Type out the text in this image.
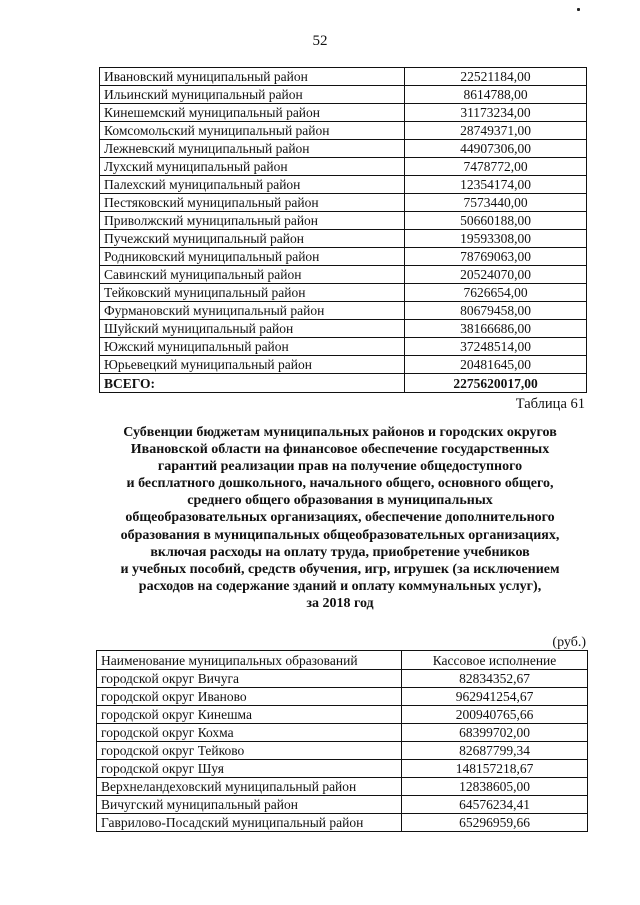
52
Ивановский муниципальный район	22521184,00
Ильинский муниципальный район	8614788,00
Кинешемский муниципальный район	31173234,00
Комсомольский муниципальный район	28749371,00
Лежневский муниципальный район	44907306,00
Лухский муниципальный район	7478772,00
Палехский муниципальный район	12354174,00
Пестяковский муниципальный район	7573440,00
Приволжский муниципальный район	50660188,00
Пучежский муниципальный район	19593308,00
Родниковский муниципальный район	78769063,00
Савинский муниципальный район	20524070,00
Тейковский муниципальный район	7626654,00
Фурмановский муниципальный район	80679458,00
Шуйский муниципальный район	38166686,00
Южский муниципальный район	37248514,00
Юрьевецкий муниципальный район	20481645,00
ВСЕГО:	2275620017,00
Таблица 61
Субвенции бюджетам муниципальных районов и городских округов
Ивановской области на финансовое обеспечение государственных
гарантий реализации прав на получение общедоступного
и бесплатного дошкольного, начального общего, основного общего,
среднего общего образования в муниципальных
общеобразовательных организациях, обеспечение дополнительного
образования в муниципальных общеобразовательных организациях,
включая расходы на оплату труда, приобретение учебников
и учебных пособий, средств обучения, игр, игрушек (за исключением
расходов на содержание зданий и оплату коммунальных услуг),
за 2018 год
(руб.)
Наименование муниципальных образований	Кассовое исполнение
городской округ Вичуга	82834352,67
городской округ Иваново	962941254,67
городской округ Кинешма	200940765,66
городской округ Кохма	68399702,00
городской округ Тейково	82687799,34
городской округ Шуя	148157218,67
Верхнеландеховский муниципальный район	12838605,00
Вичугский муниципальный район	64576234,41
Гаврилово-Посадский муниципальный район	65296959,66
